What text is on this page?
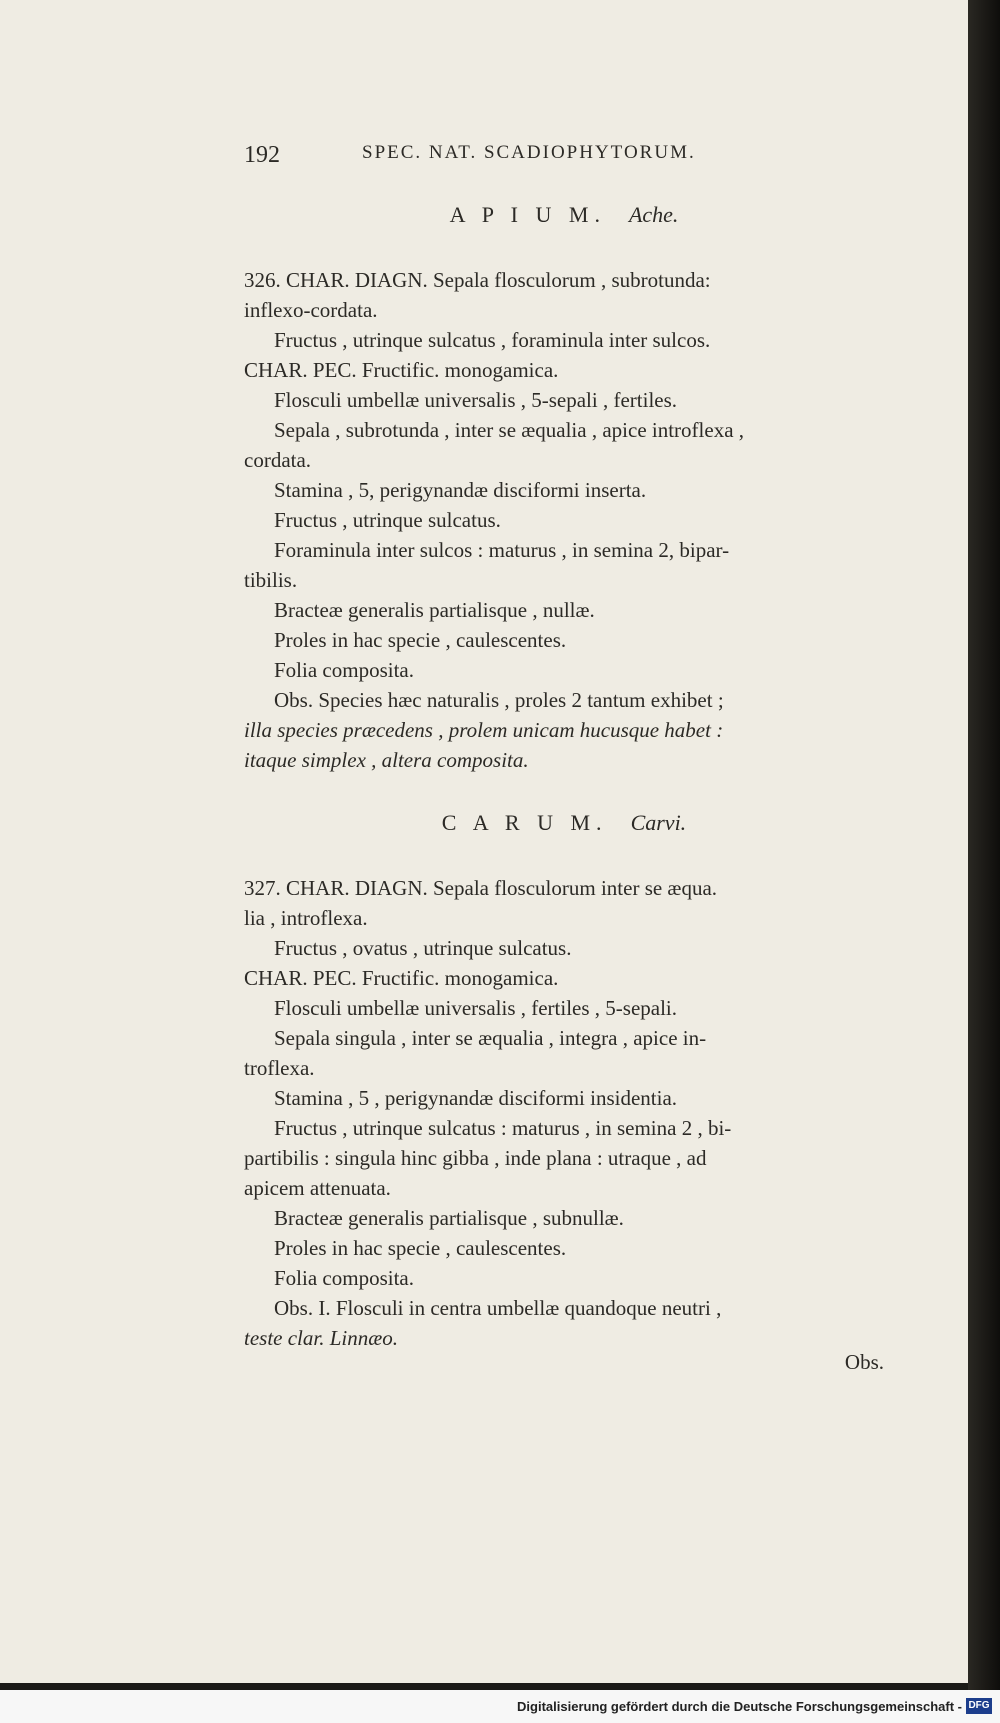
192	SPEC. NAT. SCADIOPHYTORUM.
A P I U M. Ache.
326. CHAR. DIAGN. Sepala flosculorum , subrotunda:
inflexo-cordata.
Fructus , utrinque sulcatus , foraminula inter sulcos.
CHAR. PEC. Fructific. monogamica.
Flosculi umbellæ universalis , 5-sepali , fertiles.
Sepala , subrotunda , inter se æqualia , apice introflexa ,
cordata.
Stamina , 5, perigynandæ disciformi inserta.
Fructus , utrinque sulcatus.
Foraminula inter sulcos : maturus , in semina 2, bipar-
tibilis.
Bracteæ generalis partialisque , nullæ.
Proles in hac specie , caulescentes.
Folia composita.
Obs. Species hæc naturalis , proles 2 tantum exhibet ;
illa species præcedens , prolem unicam hucusque habet :
itaque simplex , altera composita.
C A R U M. Carvi.
327. CHAR. DIAGN. Sepala flosculorum inter se æqua.
lia , introflexa.
Fructus , ovatus , utrinque sulcatus.
CHAR. PEC. Fructific. monogamica.
Flosculi umbellæ universalis , fertiles , 5-sepali.
Sepala singula , inter se æqualia , integra , apice in-
troflexa.
Stamina , 5 , perigynandæ disciformi insidentia.
Fructus , utrinque sulcatus : maturus , in semina 2 , bi-
partibilis : singula hinc gibba , inde plana : utraque , ad
apicem attenuata.
Bracteæ generalis partialisque , subnullæ.
Proles in hac specie , caulescentes.
Folia composita.
Obs. I. Flosculi in centra umbellæ quandoque neutri ,
teste clar. Linnæo.
Obs.
Digitalisierung gefördert durch die Deutsche Forschungsgemeinschaft - DFG
